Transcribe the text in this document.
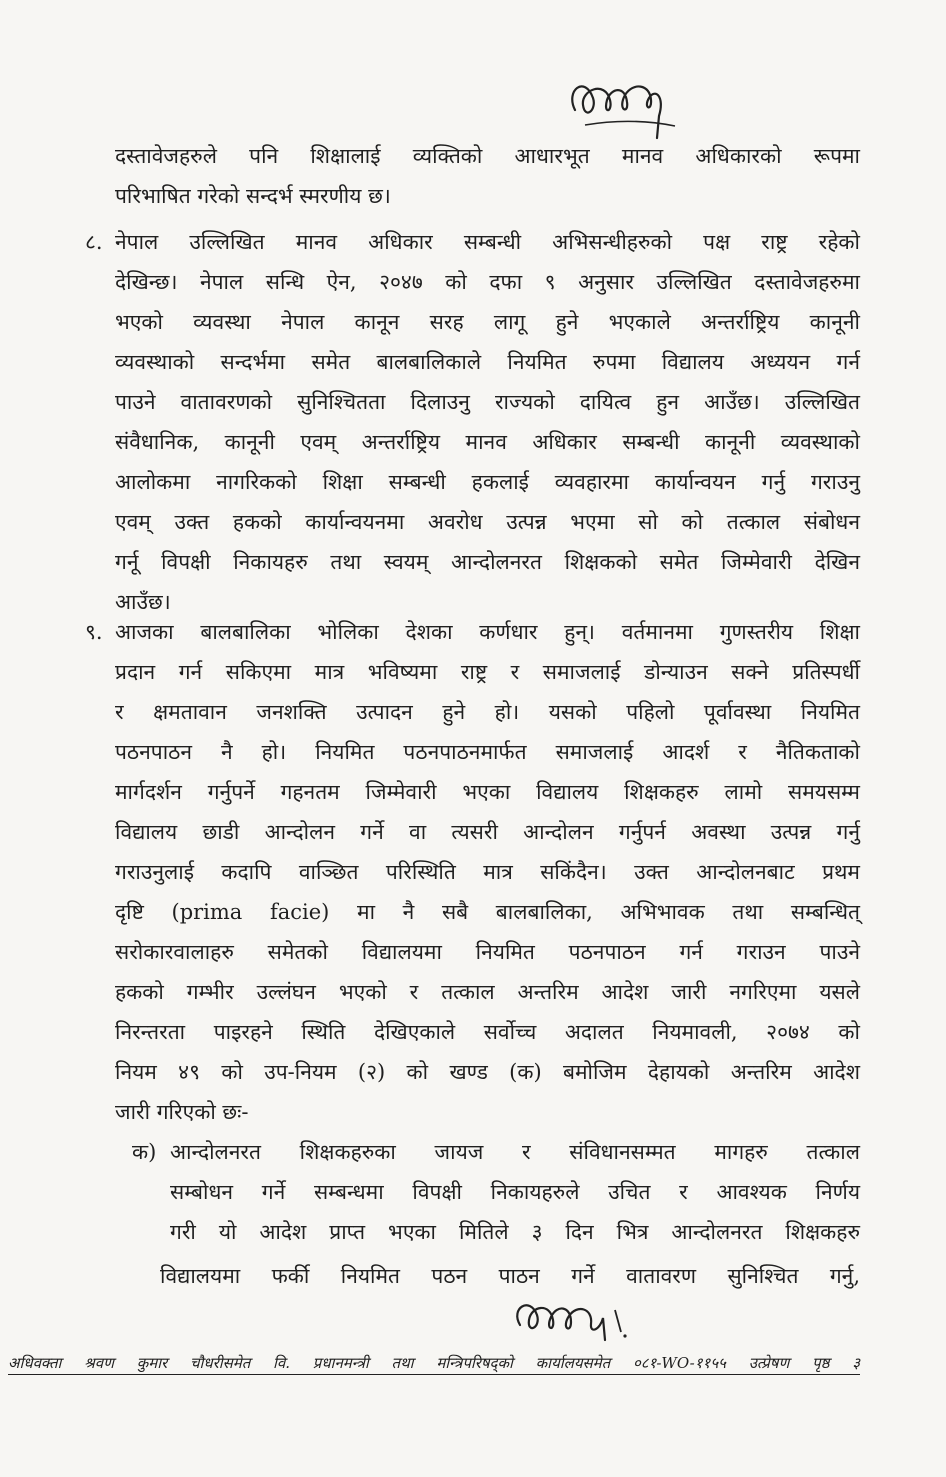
दस्तावेजहरुले पनि शिक्षालाई व्यक्तिको आधारभूत मानव अधिकारको रूपमा
परिभाषित गरेको सन्दर्भ स्मरणीय छ।
८. नेपाल उल्लिखित मानव अधिकार सम्बन्धी अभिसन्धीहरुको पक्ष राष्ट्र रहेको
देखिन्छ। नेपाल सन्धि ऐन, २०४७ को दफा ९ अनुसार उल्लिखित दस्तावेजहरुमा
भएको व्यवस्था नेपाल कानून सरह लागू हुने भएकाले अन्तर्राष्ट्रिय कानूनी
व्यवस्थाको सन्दर्भमा समेत बालबालिकाले नियमित रुपमा विद्यालय अध्ययन गर्न
पाउने वातावरणको सुनिश्चितता दिलाउनु राज्यको दायित्व हुन आउँछ। उल्लिखित
संवैधानिक, कानूनी एवम् अन्तर्राष्ट्रिय मानव अधिकार सम्बन्धी कानूनी व्यवस्थाको
आलोकमा नागरिकको शिक्षा सम्बन्धी हकलाई व्यवहारमा कार्यान्वयन गर्नु गराउनु
एवम् उक्त हकको कार्यान्वयनमा अवरोध उत्पन्न भएमा सो को तत्काल संबोधन
गर्नू विपक्षी निकायहरु तथा स्वयम् आन्दोलनरत शिक्षकको समेत जिम्मेवारी देखिन
आउँछ।
९. आजका बालबालिका भोलिका देशका कर्णधार हुन्। वर्तमानमा गुणस्तरीय शिक्षा
प्रदान गर्न सकिएमा मात्र भविष्यमा राष्ट्र र समाजलाई डोन्याउन सक्ने प्रतिस्पर्धी
र क्षमतावान जनशक्ति उत्पादन हुने हो। यसको पहिलो पूर्वावस्था नियमित
पठनपाठन नै हो। नियमित पठनपाठनमार्फत समाजलाई आदर्श र नैतिकताको
मार्गदर्शन गर्नुपर्ने गहनतम जिम्मेवारी भएका विद्यालय शिक्षकहरु लामो समयसम्म
विद्यालय छाडी आन्दोलन गर्ने वा त्यसरी आन्दोलन गर्नुपर्न अवस्था उत्पन्न गर्नु
गराउनुलाई कदापि वाञ्छित परिस्थिति मात्र सकिंदैन। उक्त आन्दोलनबाट प्रथम
दृष्टि (prima facie) मा नै सबै बालबालिका, अभिभावक तथा सम्बन्धित्
सरोकारवालाहरु समेतको विद्यालयमा नियमित पठनपाठन गर्न गराउन पाउने
हकको गम्भीर उल्लंघन भएको र तत्काल अन्तरिम आदेश जारी नगरिएमा यसले
निरन्तरता पाइरहने स्थिति देखिएकाले सर्वोच्च अदालत नियमावली, २०७४ को
नियम ४९ को उप-नियम (२) को खण्ड (क) बमोजिम देहायको अन्तरिम आदेश
जारी गरिएको छः-
क) आन्दोलनरत शिक्षकहरुका जायज र संविधानसम्मत मागहरु तत्काल
सम्बोधन गर्ने सम्बन्धमा विपक्षी निकायहरुले उचित र आवश्यक निर्णय
गरी यो आदेश प्राप्त भएका मितिले ३ दिन भित्र आन्दोलनरत शिक्षकहरु
विद्यालयमा फर्की नियमित पठन पाठन गर्ने वातावरण सुनिश्चित गर्नु,
अधिवक्ता श्रवण कुमार चौधरीसमेत वि. प्रधानमन्त्री तथा मन्त्रिपरिषद्को कार्यालयसमेत ०८१-WO-११५५ उत्प्रेषण पृष्ठ ३
